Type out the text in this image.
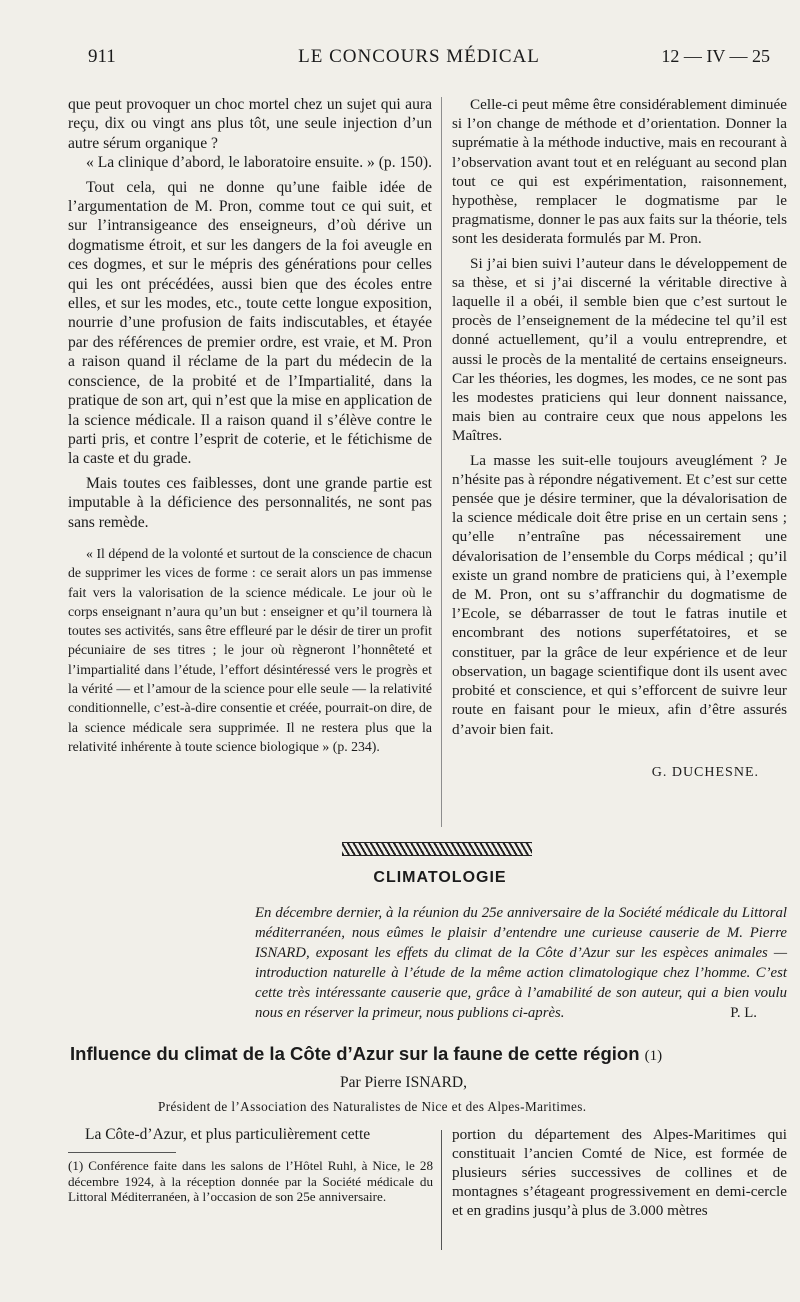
911	LE CONCOURS MÉDICAL	12 — IV — 25

que peut provoquer un choc mortel chez un sujet qui aura reçu, dix ou vingt ans plus tôt, une seule injection d’un autre sérum organique ?

« La clinique d’abord, le laboratoire ensuite. » (p. 150).

Tout cela, qui ne donne qu’une faible idée de l’argumentation de M. Pron, comme tout ce qui suit, et sur l’intransigeance des enseigneurs, d’où dérive un dogmatisme étroit, et sur les dangers de la foi aveugle en ces dogmes, et sur le mépris des générations pour celles qui les ont précédées, aussi bien que des écoles entre elles, et sur les modes, etc., toute cette longue exposition, nourrie d’une profusion de faits indiscutables, et étayée par des références de premier ordre, est vraie, et M. Pron a raison quand il réclame de la part du médecin de la conscience, de la probité et de l’Impartialité, dans la pratique de son art, qui n’est que la mise en application de la science médicale. Il a raison quand il s’élève contre le parti pris, et contre l’esprit de coterie, et le fétichisme de la caste et du grade.

Mais toutes ces faiblesses, dont une grande partie est imputable à la déficience des personnalités, ne sont pas sans remède.

« Il dépend de la volonté et surtout de la conscience de chacun de supprimer les vices de forme : ce serait alors un pas immense fait vers la valorisation de la science médicale. Le jour où le corps enseignant n’aura qu’un but : enseigner et qu’il tournera là toutes ses activités, sans être effleuré par le désir de tirer un profit pécuniaire de ses titres ; le jour où règneront l’honnêteté et l’impartialité dans l’étude, l’effort désintéressé vers le progrès et la vérité — et l’amour de la science pour elle seule — la relativité conditionnelle, c’est-à-dire consentie et créée, pourrait-on dire, de la science médicale sera supprimée. Il ne restera plus que la relativité inhérente à toute science biologique » (p. 234).

Celle-ci peut même être considérablement diminuée si l’on change de méthode et d’orientation. Donner la suprématie à la méthode inductive, mais en recourant à l’observation avant tout et en reléguant au second plan tout ce qui est expérimentation, raisonnement, hypothèse, remplacer le dogmatisme par le pragmatisme, donner le pas aux faits sur la théorie, tels sont les desiderata formulés par M. Pron.

Si j’ai bien suivi l’auteur dans le développement de sa thèse, et si j’ai discerné la véritable directive à laquelle il a obéi, il semble bien que c’est surtout le procès de l’enseignement de la médecine tel qu’il est donné actuellement, qu’il a voulu entreprendre, et aussi le procès de la mentalité de certains enseigneurs. Car les théories, les dogmes, les modes, ce ne sont pas les modestes praticiens qui leur donnent naissance, mais bien au contraire ceux que nous appelons les Maîtres.

La masse les suit-elle toujours aveuglément ? Je n’hésite pas à répondre négativement. Et c’est sur cette pensée que je désire terminer, que la dévalorisation de la science médicale doit être prise en un certain sens ; qu’elle n’entraîne pas nécessairement une dévalorisation de l’ensemble du Corps médical ; qu’il existe un grand nombre de praticiens qui, à l’exemple de M. Pron, ont su s’affranchir du dogmatisme de l’Ecole, se débarrasser de tout le fatras inutile et encombrant des notions superfétatoires, et se constituer, par la grâce de leur expérience et de leur observation, un bagage scientifique dont ils usent avec probité et conscience, et qui s’efforcent de suivre leur route en faisant pour le mieux, afin d’être assurés d’avoir bien fait.

G. DUCHESNE.
CLIMATOLOGIE
En décembre dernier, à la réunion du 25e anniversaire de la Société médicale du Littoral méditerranéen, nous eûmes le plaisir d’entendre une curieuse causerie de M. Pierre ISNARD, exposant les effets du climat de la Côte d’Azur sur les espèces animales — introduction naturelle à l’étude de la même action climatologique chez l’homme. C’est cette très intéressante causerie que, grâce à l’amabilité de son auteur, qui a bien voulu nous en réserver la primeur, nous publions ci-après.	P. L.
Influence du climat de la Côte d’Azur sur la faune de cette région (1)
Par Pierre ISNARD,
Président de l’Association des Naturalistes de Nice et des Alpes-Maritimes.
La Côte-d’Azur, et plus particulièrement cette
(1) Conférence faite dans les salons de l’Hôtel Ruhl, à Nice, le 28 décembre 1924, à la réception donnée par la Société médicale du Littoral Méditerranéen, à l’occasion de son 25e anniversaire.
portion du département des Alpes-Maritimes qui constituait l’ancien Comté de Nice, est formée de plusieurs séries successives de collines et de montagnes s’étageant progressivement en demi-cercle et en gradins jusqu’à plus de 3.000 mètres
